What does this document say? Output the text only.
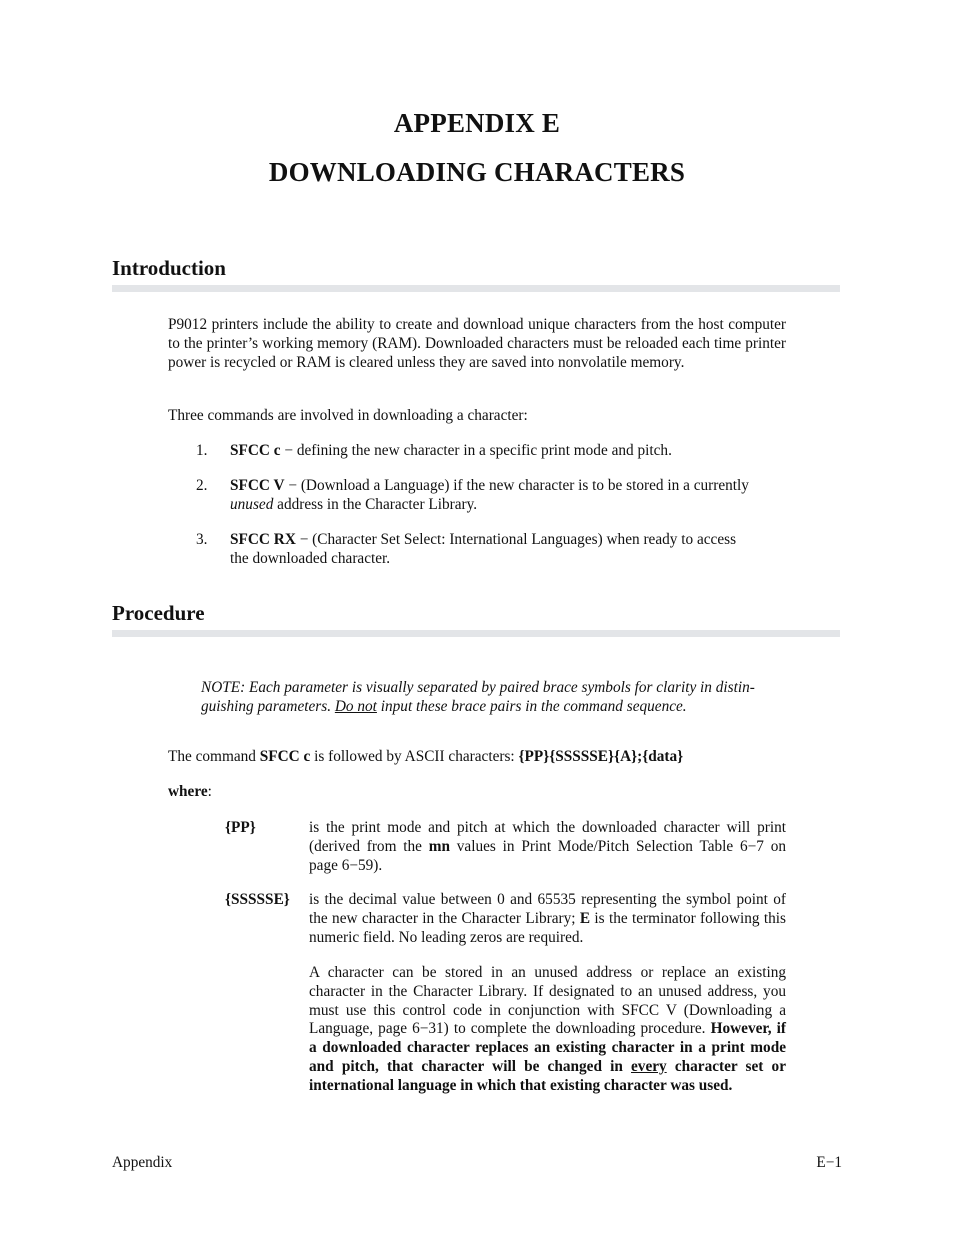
APPENDIX E
DOWNLOADING CHARACTERS
Introduction
P9012 printers include the ability to create and download unique characters from the host computer to the printer’s working memory (RAM). Downloaded characters must be reloaded each time printer power is recycled or RAM is cleared unless they are saved into nonvolatile memory.
Three commands are involved in downloading a character:
1. SFCC c − defining the new character in a specific print mode and pitch.
2. SFCC V − (Download a Language) if the new character is to be stored in a currently unused address in the Character Library.
3. SFCC RX − (Character Set Select: International Languages) when ready to access the downloaded character.
Procedure
NOTE: Each parameter is visually separated by paired brace symbols for clarity in distinguishing parameters. Do not input these brace pairs in the command sequence.
The command SFCC c is followed by ASCII characters: {PP}{SSSSSE}{A};{data}
where:
{PP}	is the print mode and pitch at which the downloaded character will print (derived from the mn values in Print Mode/Pitch Selection Table 6−7 on page 6−59).
{SSSSSE} is the decimal value between 0 and 65535 representing the symbol point of the new character in the Character Library; E is the terminator following this numeric field. No leading zeros are required.
A character can be stored in an unused address or replace an existing character in the Character Library. If designated to an unused address, you must use this control code in conjunction with SFCC V (Downloading a Language, page 6−31) to complete the downloading procedure. However, if a downloaded character replaces an existing character in a print mode and pitch, that character will be changed in every character set or international language in which that existing character was used.
Appendix	E−1
